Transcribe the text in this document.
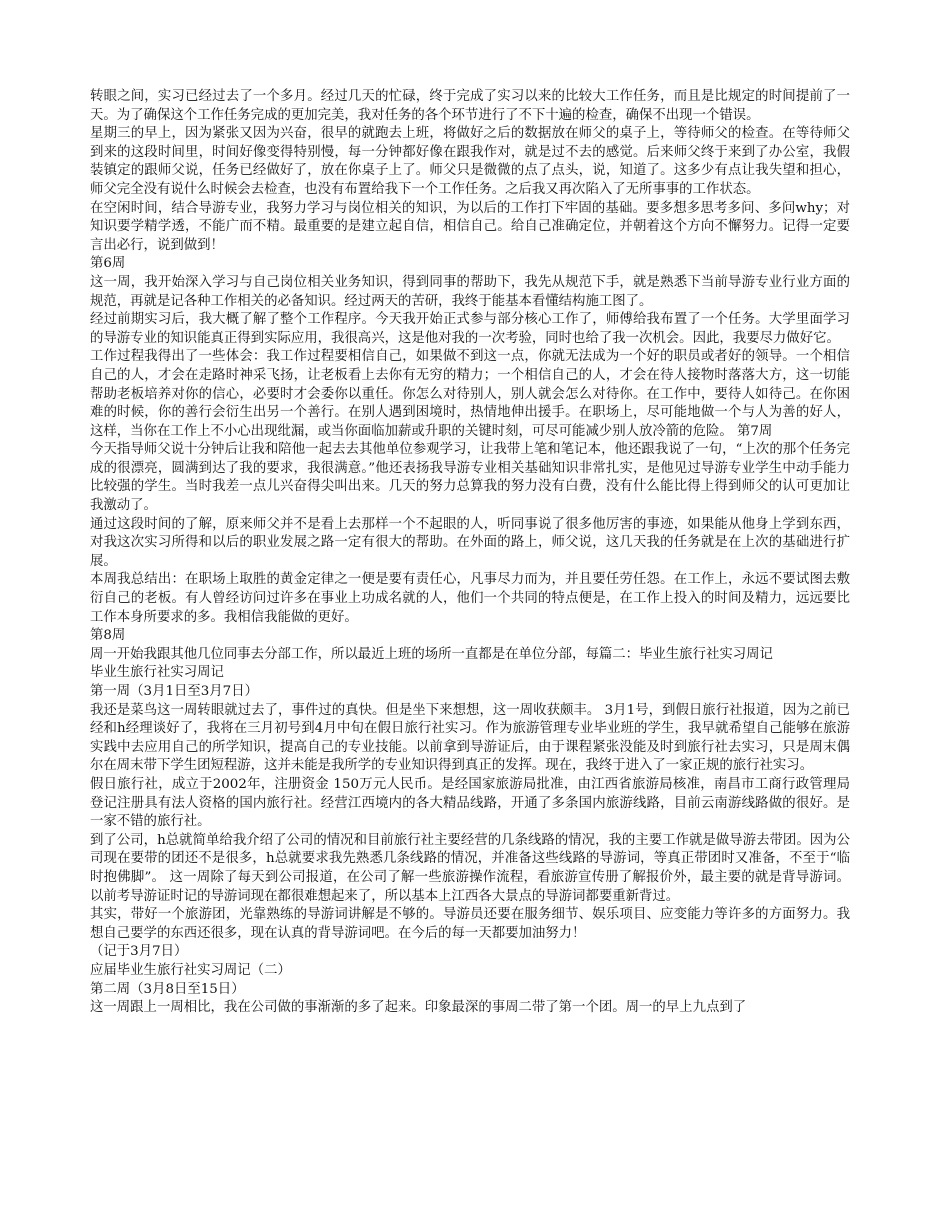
转眼之间，实习已经过去了一个多月。经过几天的忙碌，终于完成了实习以来的比较大工作任务，而且是比规定的时间提前了一天。为了确保这个工作任务完成的更加完美，我对任务的各个环节进行了不下十遍的检查，确保不出现一个错误。

星期三的早上，因为紧张又因为兴奋，很早的就跑去上班，将做好之后的数据放在师父的桌子上，等待师父的检查。在等待师父到来的这段时间里，时间好像变得特别慢，每一分钟都好像在跟我作对，就是过不去的感觉。后来师父终于来到了办公室，我假装镇定的跟师父说，任务已经做好了，放在你桌子上了。师父只是微微的点了点头，说，知道了。这多少有点让我失望和担心，师父完全没有说什么时候会去检查，也没有布置给我下一个工作任务。之后我又再次陷入了无所事事的工作状态。

在空闲时间，结合导游专业，我努力学习与岗位相关的知识，为以后的工作打下牢固的基础。要多想多思考多问、多问why；对知识要学精学透，不能广而不精。最重要的是建立起自信，相信自己。给自己准确定位，并朝着这个方向不懈努力。记得一定要言出必行，说到做到！

第6周

这一周，我开始深入学习与自己岗位相关业务知识，得到同事的帮助下，我先从规范下手，就是熟悉下当前导游专业行业方面的规范，再就是记各种工作相关的必备知识。经过两天的苦研，我终于能基本看懂结构施工图了。

经过前期实习后，我大概了解了整个工作程序。今天我开始正式参与部分核心工作了，师傅给我布置了一个任务。大学里面学习的导游专业的知识能真正得到实际应用，我很高兴，这是他对我的一次考验，同时也给了我一次机会。因此，我要尽力做好它。

工作过程我得出了一些体会：我工作过程要相信自己，如果做不到这一点，你就无法成为一个好的职员或者好的领导。一个相信自己的人，才会在走路时神采飞扬，让老板看上去你有无穷的精力；一个相信自己的人，才会在待人接物时落落大方，这一切能帮助老板培养对你的信心，必要时才会委你以重任。你怎么对待别人，别人就会怎么对待你。在工作中，要待人如待己。在你困难的时候，你的善行会衍生出另一个善行。在别人遇到困境时，热情地伸出援手。在职场上，尽可能地做一个与人为善的好人，这样，当你在工作上不小心出现纰漏，或当你面临加薪或升职的关键时刻，可尽可能减少别人放冷箭的危险。 第7周

今天指导师父说十分钟后让我和陪他一起去去其他单位参观学习，让我带上笔和笔记本，他还跟我说了一句，“上次的那个任务完成的很漂亮，圆满到达了我的要求，我很满意。”他还表扬我导游专业相关基础知识非常扎实，是他见过导游专业学生中动手能力比较强的学生。当时我差一点儿兴奋得尖叫出来。几天的努力总算我的努力没有白费，没有什么能比得上得到师父的认可更加让我激动了。

通过这段时间的了解，原来师父并不是看上去那样一个不起眼的人，听同事说了很多他厉害的事迹，如果能从他身上学到东西，对我这次实习所得和以后的职业发展之路一定有很大的帮助。在外面的路上，师父说，这几天我的任务就是在上次的基础进行扩展。

本周我总结出：在职场上取胜的黄金定律之一便是要有责任心，凡事尽力而为，并且要任劳任怨。在工作上，永远不要试图去敷衍自己的老板。有人曾经访问过许多在事业上功成名就的人，他们一个共同的特点便是，在工作上投入的时间及精力，远远要比工作本身所要求的多。我相信我能做的更好。

第8周

周一开始我跟其他几位同事去分部工作，所以最近上班的场所一直都是在单位分部，每篇二：毕业生旅行社实习周记

毕业生旅行社实习周记

第一周（3月1日至3月7日）

我还是菜鸟这一周转眼就过去了，事件过的真快。但是坐下来想想，这一周收获颇丰。 3月1号，到假日旅行社报道，因为之前已经和h经理谈好了，我将在三月初号到4月中旬在假日旅行社实习。作为旅游管理专业毕业班的学生，我早就希望自己能够在旅游实践中去应用自己的所学知识，提高自己的专业技能。以前拿到导游证后，由于课程紧张没能及时到旅行社去实习，只是周末偶尔在周末带下学生团短程游，这并未能是我所学的专业知识得到真正的发挥。现在，我终于进入了一家正规的旅行社实习。

假日旅行社，成立于2002年，注册资金 150万元人民币。是经国家旅游局批准，由江西省旅游局核准，南昌市工商行政管理局登记注册具有法人资格的国内旅行社。经营江西境内的各大精品线路，开通了多条国内旅游线路，目前云南游线路做的很好。是一家不错的旅行社。

到了公司，h总就简单给我介绍了公司的情况和目前旅行社主要经营的几条线路的情况，我的主要工作就是做导游去带团。因为公司现在要带的团还不是很多，h总就要求我先熟悉几条线路的情况，并准备这些线路的导游词，等真正带团时又准备，不至于“临时抱佛脚”。 这一周除了每天到公司报道，在公司了解一些旅游操作流程，看旅游宣传册了解报价外，最主要的就是背导游词。以前考导游证时记的导游词现在都很难想起来了，所以基本上江西各大景点的导游词都要重新背过。

其实，带好一个旅游团，光靠熟练的导游词讲解是不够的。导游员还要在服务细节、娱乐项目、应变能力等许多的方面努力。我想自己要学的东西还很多，现在认真的背导游词吧。在今后的每一天都要加油努力！

（记于3月7日）

应届毕业生旅行社实习周记（二）

第二周（3月8日至15日）

这一周跟上一周相比，我在公司做的事渐渐的多了起来。印象最深的事周二带了第一个团。周一的早上九点到了
